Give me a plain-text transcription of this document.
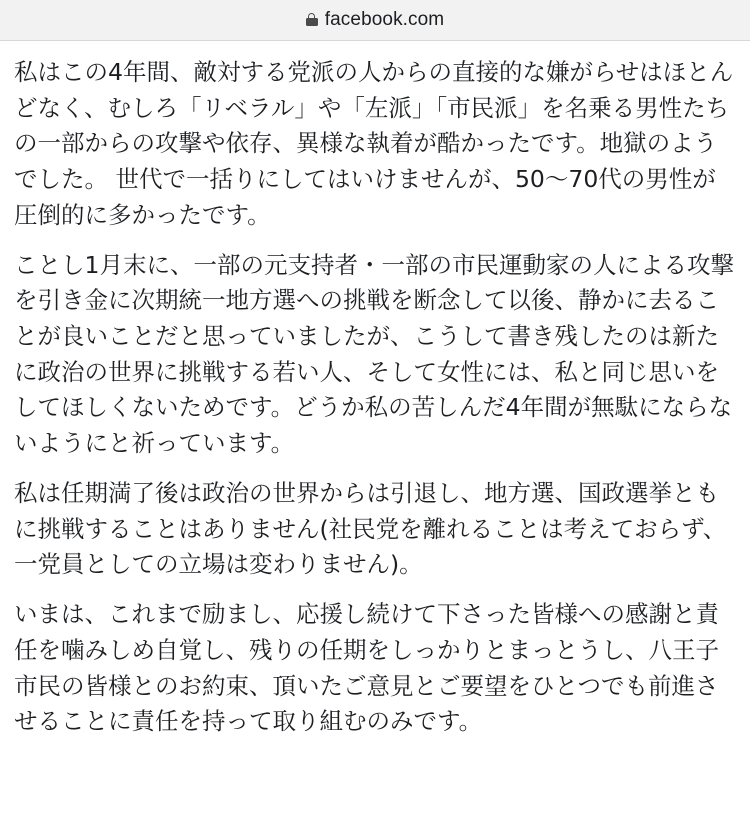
facebook.com

私はこの4年間、敵対する党派の人からの直接的な嫌がらせはほとんどなく、むしろ「リベラル」や「左派」「市民派」を名乗る男性たちの一部からの攻撃や依存、異様な執着が酷かったです。地獄のようでした。 世代で一括りにしてはいけませんが、50〜70代の男性が圧倒的に多かったです。

ことし1月末に、一部の元支持者・一部の市民運動家の人による攻撃を引き金に次期統一地方選への挑戦を断念して以後、静かに去ることが良いことだと思っていましたが、こうして書き残したのは新たに政治の世界に挑戦する若い人、そして女性には、私と同じ思いをしてほしくないためです。どうか私の苦しんだ4年間が無駄にならないようにと祈っています。

私は任期満了後は政治の世界からは引退し、地方選、国政選挙ともに挑戦することはありません(社民党を離れることは考えておらず、一党員としての立場は変わりません)。

いまは、これまで励まし、応援し続けて下さった皆様への感謝と責任を噛みしめ自覚し、残りの任期をしっかりとまっとうし、八王子市民の皆様とのお約束、頂いたご意見とご要望をひとつでも前進させることに責任を持って取り組むのみです。
